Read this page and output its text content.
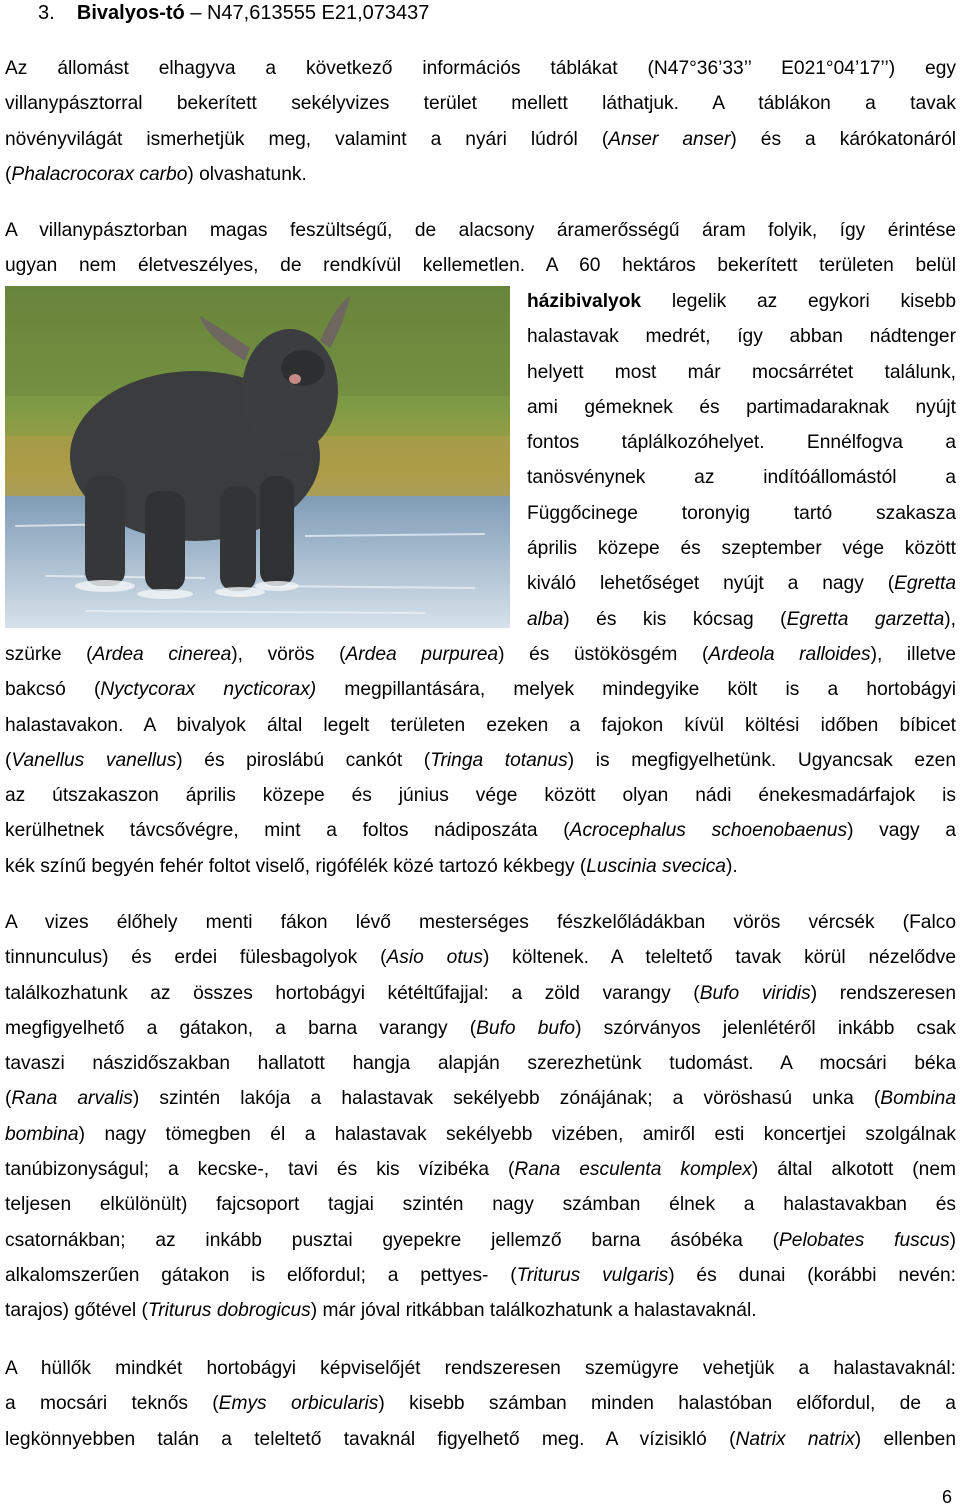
3. Bivalyos-tó – N47,613555 E21,073437
Az állomást elhagyva a következő információs táblákat (N47°36’33’’ E021°04’17’’) egy
villanypásztorral bekerített sekélyvizes terület mellett láthatjuk. A táblákon a tavak
növényvilágát ismerhetjük meg, valamint a nyári lúdról (Anser anser) és a kárókatonáról
(Phalacrocorax carbo) olvashatunk.
A villanypásztorban magas feszültségű, de alacsony áramerősségű áram folyik, így érintése
ugyan nem életveszélyes, de rendkívül kellemetlen. A 60 hektáros bekerített területen belül
házibivalyok legelik az egykori kisebb
halastavak medrét, így abban nádtenger
helyett most már mocsárrétet találunk,
ami gémeknek és partimadaraknak nyújt
fontos táplálkozóhelyet. Ennélfogva a
tanösvénynek az indítóállomástól a
Függőcinege toronyig tartó szakasza
április közepe és szeptember vége között
kiváló lehetőséget nyújt a nagy (Egretta
alba) és kis kócsag (Egretta garzetta),
szürke (Ardea cinerea), vörös (Ardea purpurea) és üstökösgém (Ardeola ralloides), illetve
bakcsó (Nyctycorax nycticorax) megpillantására, melyek mindegyike költ is a hortobágyi
halastavakon. A bivalyok által legelt területen ezeken a fajokon kívül költési időben bíbicet
(Vanellus vanellus) és piroslábú cankót (Tringa totanus) is megfigyelhetünk. Ugyancsak ezen
az útszakaszon április közepe és június vége között olyan nádi énekesmadárfajok is
kerülhetnek távcsővégre, mint a foltos nádiposzáta (Acrocephalus schoenobaenus) vagy a
kék színű begyén fehér foltot viselő, rigófélék közé tartozó kékbegy (Luscinia svecica).
A vizes élőhely menti fákon lévő mesterséges fészkelőládákban vörös vércsék (Falco
tinnunculus) és erdei fülesbagolyok (Asio otus) költenek. A teleltető tavak körül nézelődve
találkozhatunk az összes hortobágyi kétéltűfajjal: a zöld varangy (Bufo viridis) rendszeresen
megfigyelhető a gátakon, a barna varangy (Bufo bufo) szórványos jelenlétéről inkább csak
tavaszi nászidőszakban hallatott hangja alapján szerezhetünk tudomást. A mocsári béka
(Rana arvalis) szintén lakója a halastavak sekélyebb zónájának; a vöröshasú unka (Bombina
bombina) nagy tömegben él a halastavak sekélyebb vizében, amiről esti koncertjei szolgálnak
tanúbizonyságul; a kecske-, tavi és kis vízibéka (Rana esculenta komplex) által alkotott (nem
teljesen elkülönült) fajcsoport tagjai szintén nagy számban élnek a halastavakban és
csatornákban; az inkább pusztai gyepekre jellemző barna ásóbéka (Pelobates fuscus)
alkalomszerűen gátakon is előfordul; a pettyes- (Triturus vulgaris) és dunai (korábbi nevén:
tarajos) gőtével (Triturus dobrogicus) már jóval ritkábban találkozhatunk a halastavaknál.
A hüllők mindkét hortobágyi képviselőjét rendszeresen szemügyre vehetjük a halastavaknál:
a mocsári teknős (Emys orbicularis) kisebb számban minden halastóban előfordul, de a
legkönnyebben talán a teleltető tavaknál figyelhető meg. A vízisikló (Natrix natrix) ellenben
6
